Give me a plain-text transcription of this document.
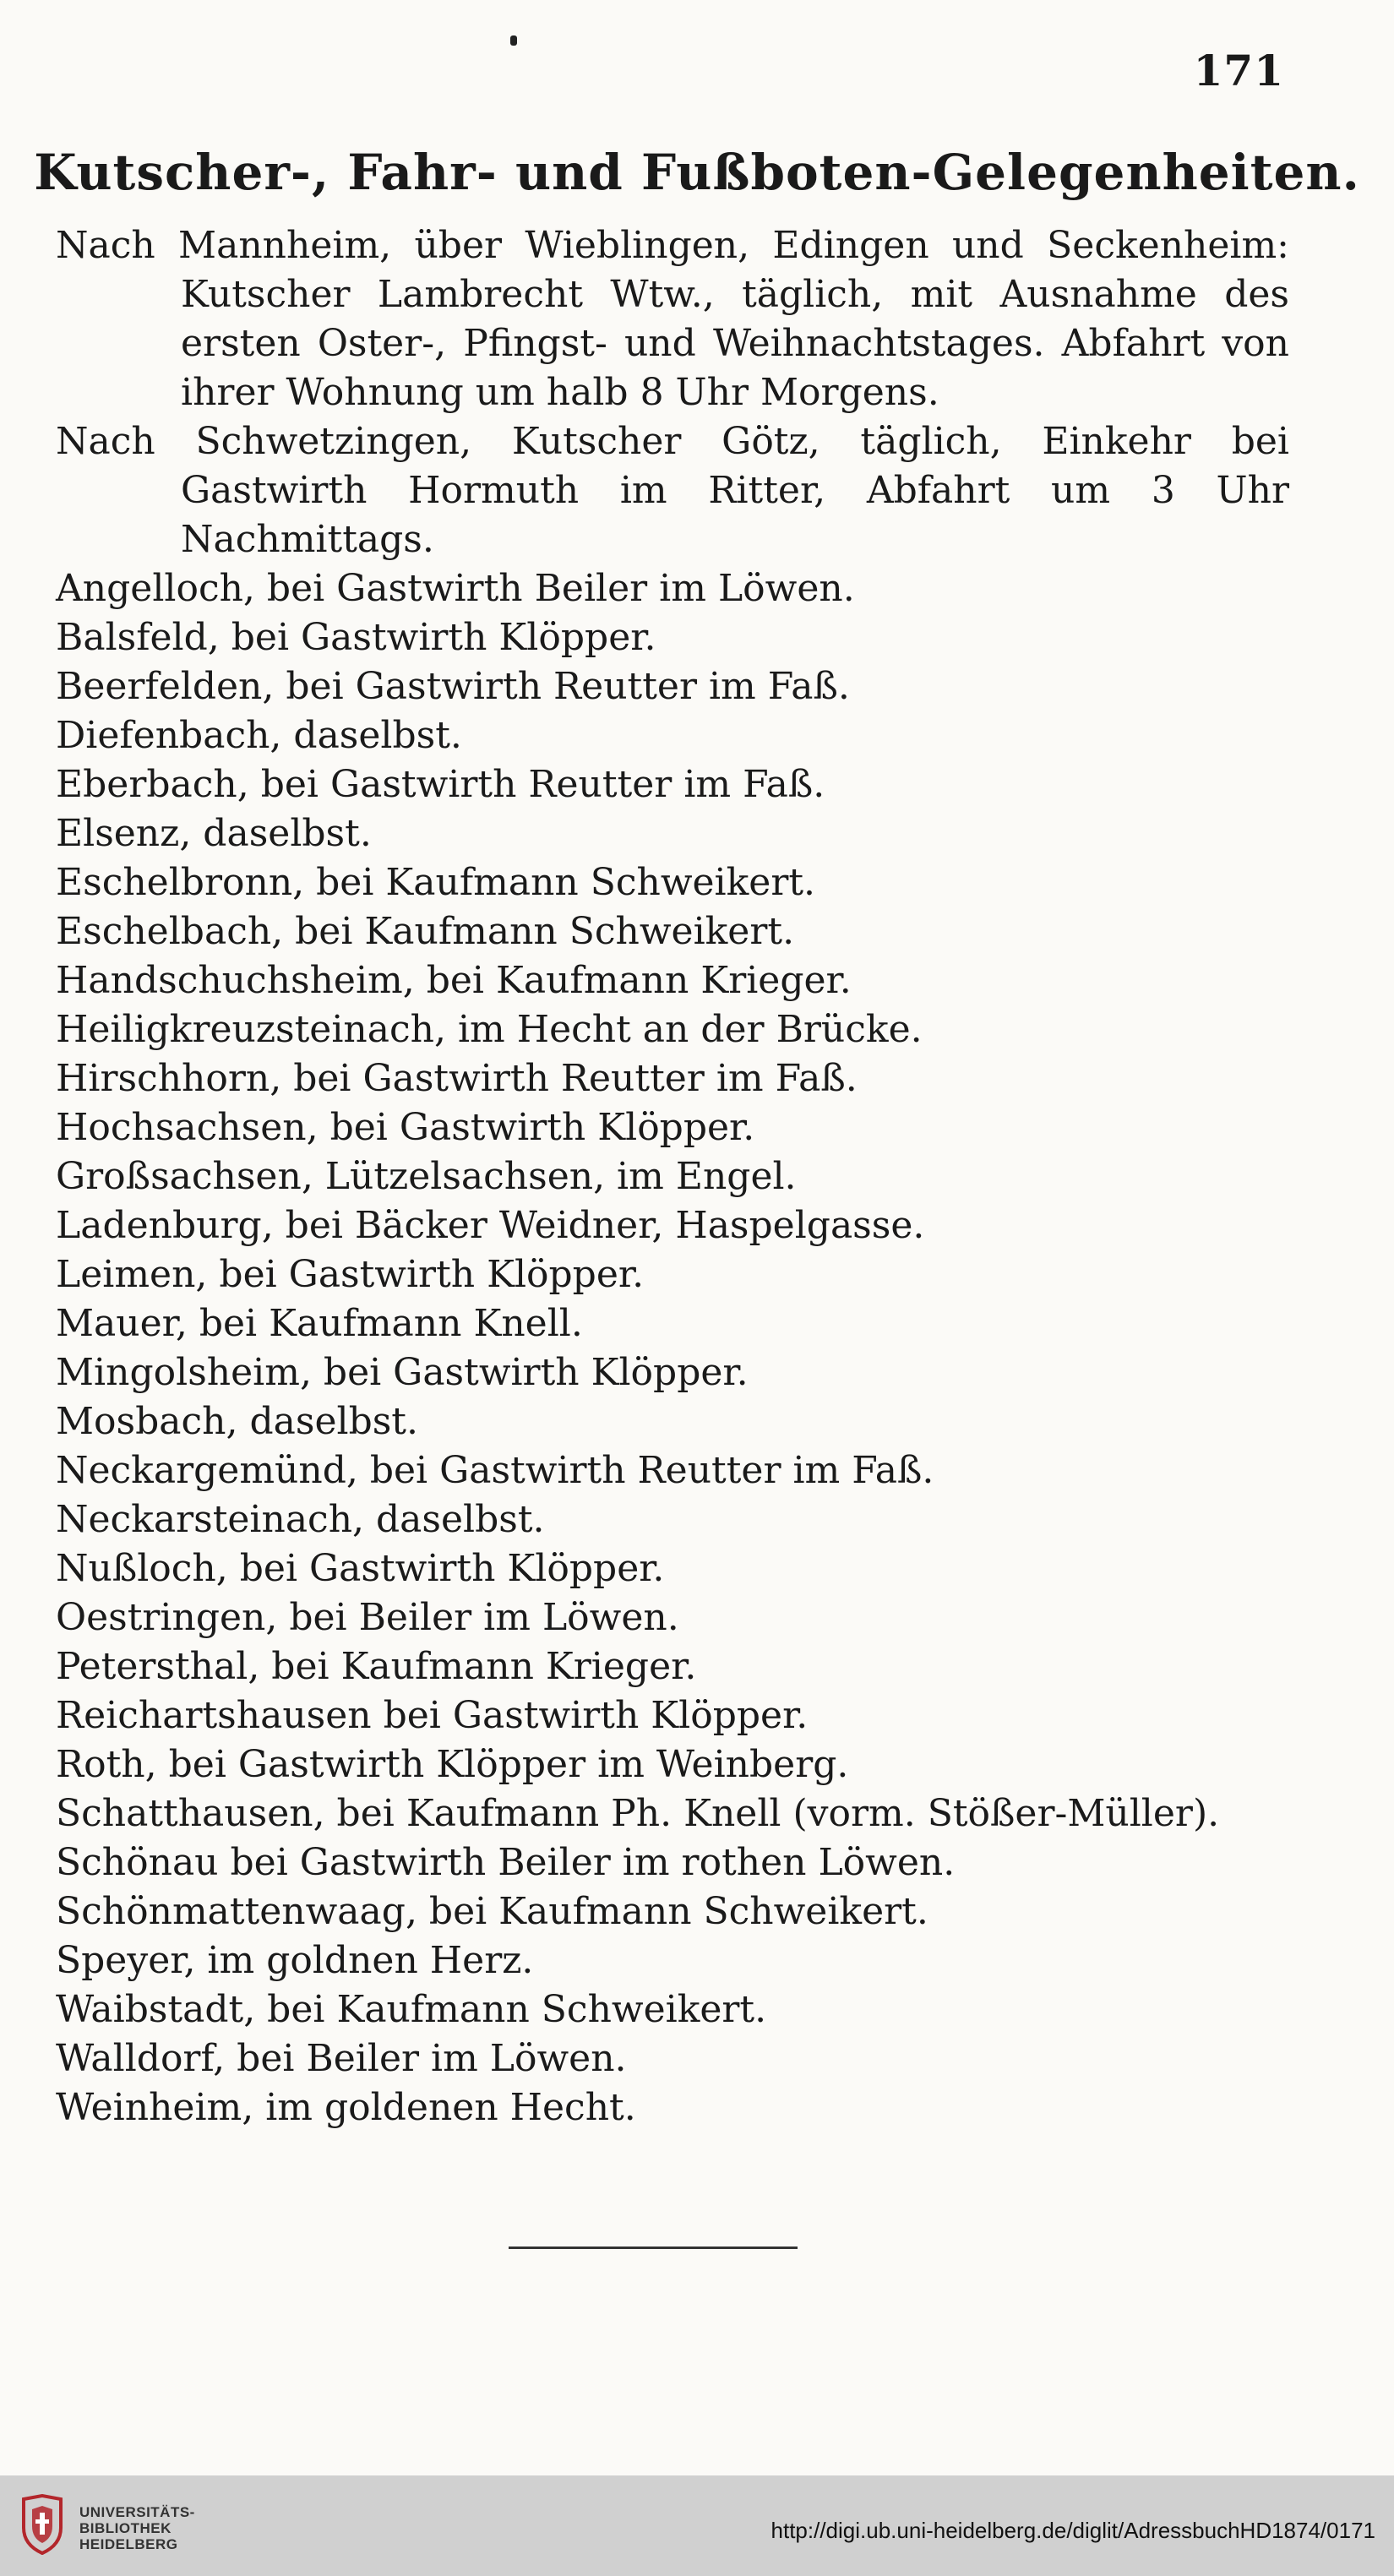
171
Kutscher-, Fahr- und Fußboten-Gelegenheiten.
Nach Mannheim, über Wieblingen, Edingen und Seckenheim: Kutscher Lambrecht Wtw., täglich, mit Ausnahme des ersten Oster-, Pfingst- und Weihnachtstages. Abfahrt von ihrer Wohnung um halb 8 Uhr Morgens.
Nach Schwetzingen, Kutscher Götz, täglich, Einkehr bei Gastwirth Hormuth im Ritter, Abfahrt um 3 Uhr Nachmittags.
Angelloch, bei Gastwirth Beiler im Löwen.
Balsfeld, bei Gastwirth Klöpper.
Beerfelden, bei Gastwirth Reutter im Faß.
Diefenbach, daselbst.
Eberbach, bei Gastwirth Reutter im Faß.
Elsenz, daselbst.
Eschelbronn, bei Kaufmann Schweikert.
Eschelbach, bei Kaufmann Schweikert.
Handschuchsheim, bei Kaufmann Krieger.
Heiligkreuzsteinach, im Hecht an der Brücke.
Hirschhorn, bei Gastwirth Reutter im Faß.
Hochsachsen, bei Gastwirth Klöpper.
Großsachsen, Lützelsachsen, im Engel.
Ladenburg, bei Bäcker Weidner, Haspelgasse.
Leimen, bei Gastwirth Klöpper.
Mauer, bei Kaufmann Knell.
Mingolsheim, bei Gastwirth Klöpper.
Mosbach, daselbst.
Neckargemünd, bei Gastwirth Reutter im Faß.
Neckarsteinach, daselbst.
Nußloch, bei Gastwirth Klöpper.
Oestringen, bei Beiler im Löwen.
Petersthal, bei Kaufmann Krieger.
Reichartshausen bei Gastwirth Klöpper.
Roth, bei Gastwirth Klöpper im Weinberg.
Schatthausen, bei Kaufmann Ph. Knell (vorm. Stößer-Müller).
Schönau bei Gastwirth Beiler im rothen Löwen.
Schönmattenwaag, bei Kaufmann Schweikert.
Speyer, im goldnen Herz.
Waibstadt, bei Kaufmann Schweikert.
Walldorf, bei Beiler im Löwen.
Weinheim, im goldenen Hecht.
UNIVERSITÄTS-
BIBLIOTHEK
HEIDELBERG
http://digi.ub.uni-heidelberg.de/diglit/AdressbuchHD1874/0171
